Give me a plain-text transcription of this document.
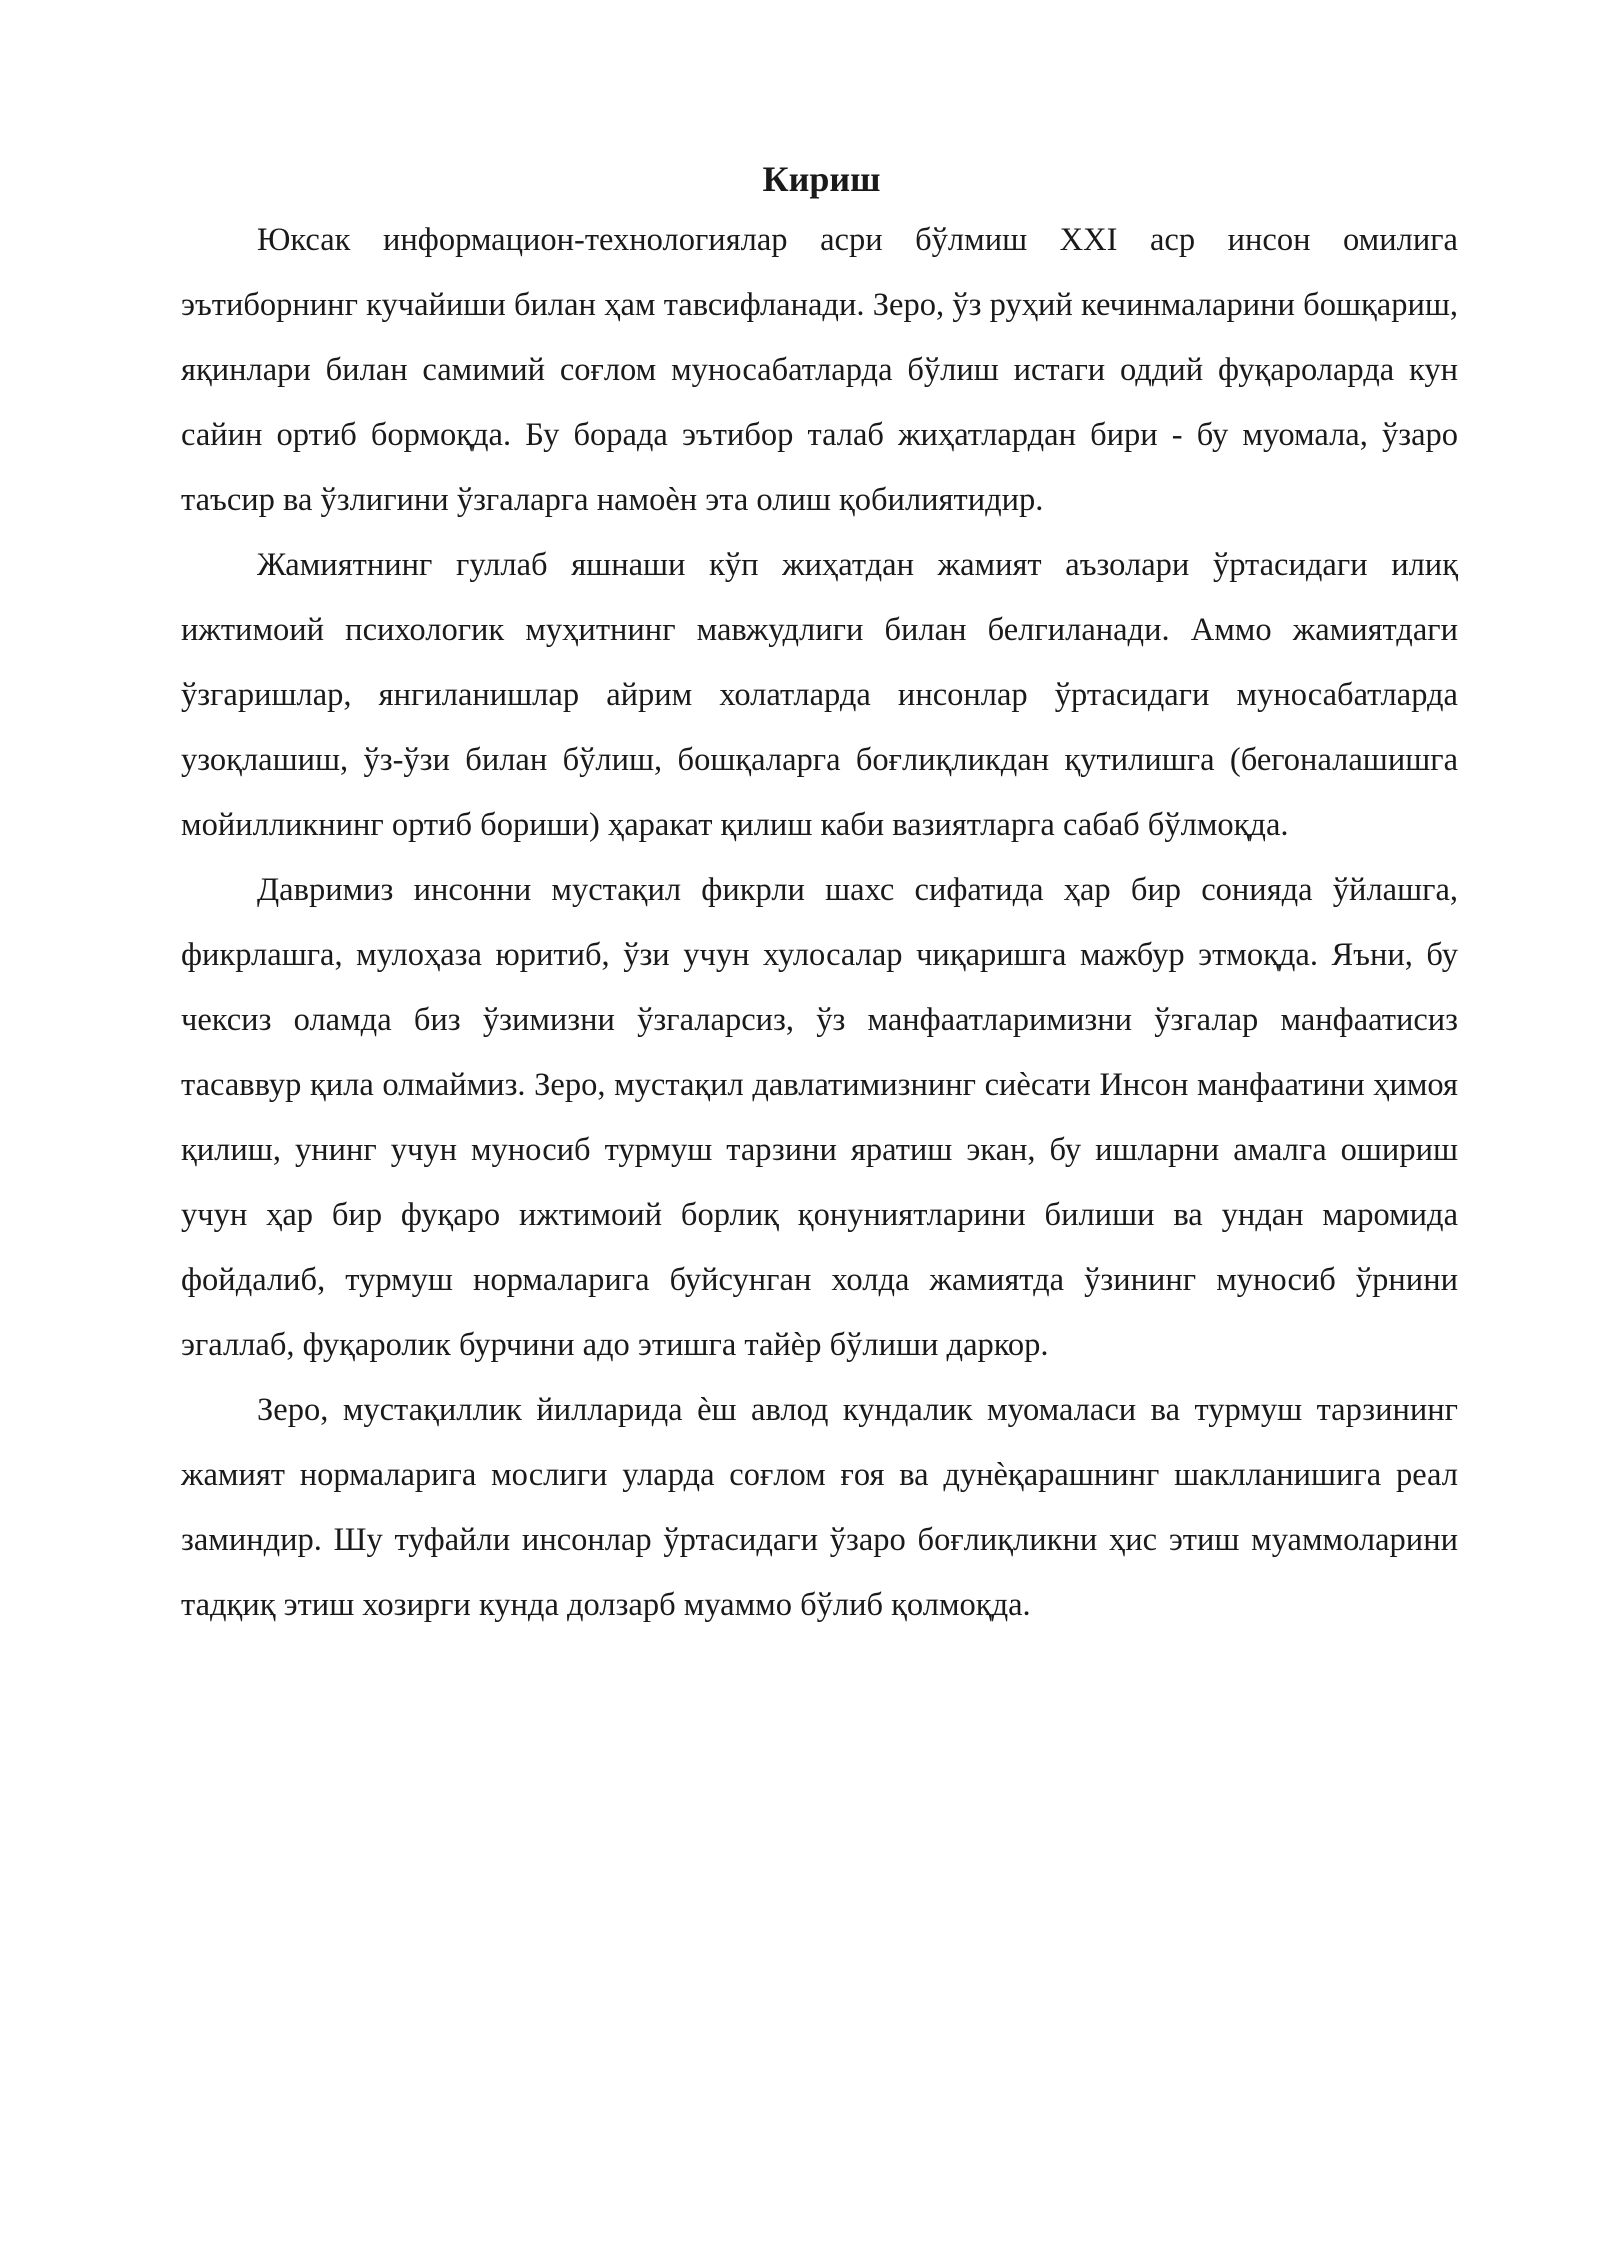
Кириш

Юксак информацион-технологиялар асри бўлмиш XXI аср инсон омилига эътиборнинг кучайиши билан ҳам тавсифланади. Зеро, ўз руҳий кечинмаларини бошқариш, яқинлари билан самимий соғлом муносабатларда бўлиш истаги оддий фуқароларда кун сайин ортиб бормоқда. Бу борада эътибор талаб жиҳатлардан бири - бу муомала, ўзаро таъсир ва ўзлигини ўзгаларга намоѐн эта олиш қобилиятидир.

Жамиятнинг гуллаб яшнаши кўп жиҳатдан жамият аъзолари ўртасидаги илиқ ижтимоий психологик муҳитнинг мавжудлиги билан белгиланади. Аммо жамиятдаги ўзгаришлар, янгиланишлар айрим холатларда инсонлар ўртасидаги муносабатларда узоқлашиш, ўз-ўзи билан бўлиш, бошқаларга боғлиқликдан қутилишга (бегоналашишга мойилликнинг ортиб бориши) ҳаракат қилиш каби вазиятларга сабаб бўлмоқда.

Давримиз инсонни мустақил фикрли шахс сифатида ҳар бир сонияда ўйлашга, фикрлашга, мулоҳаза юритиб, ўзи учун хулосалар чиқаришга мажбур этмоқда. Яъни, бу чексиз оламда биз ўзимизни ўзгаларсиз, ўз манфаатларимизни ўзгалар манфаатисиз тасаввур қила олмаймиз. Зеро, мустақил давлатимизнинг сиѐсати Инсон манфаатини ҳимоя қилиш, унинг учун муносиб турмуш тарзини яратиш экан, бу ишларни амалга ошириш учун ҳар бир фуқаро ижтимоий борлиқ қонуниятларини билиши ва ундан маромида фойдалиб, турмуш нормаларига буйсунган холда жамиятда ўзининг муносиб ўрнини эгаллаб, фуқаролик бурчини адо этишга тайѐр бўлиши даркор.

Зеро, мустақиллик йилларида ѐш авлод кундалик муомаласи ва турмуш тарзининг жамият нормаларига мослиги уларда соғлом ғоя ва дунѐқарашнинг шаклланишига реал заминдир. Шу туфайли инсонлар ўртасидаги ўзаро боғлиқликни ҳис этиш муаммоларини тадқиқ этиш хозирги кунда долзарб муаммо бўлиб қолмоқда.
